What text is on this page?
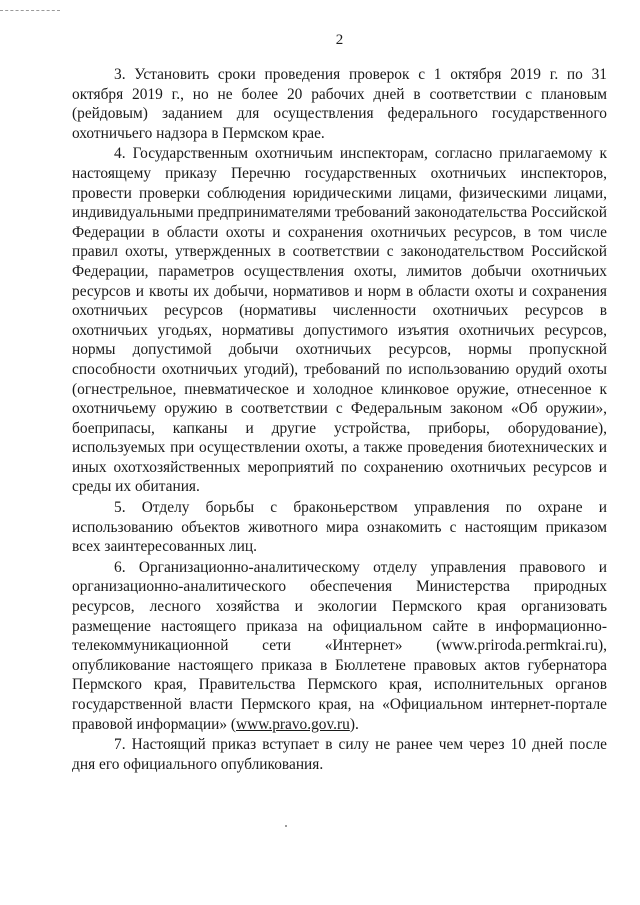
2

3. Установить сроки проведения проверок с 1 октября 2019 г. по 31 октября 2019 г., но не более 20 рабочих дней в соответствии с плановым (рейдовым) заданием для осуществления федерального государственного охотничьего надзора в Пермском крае.

4. Государственным охотничьим инспекторам, согласно прилагаемому к настоящему приказу Перечню государственных охотничьих инспекторов, провести проверки соблюдения юридическими лицами, физическими лицами, индивидуальными предпринимателями требований законодательства Российской Федерации в области охоты и сохранения охотничьих ресурсов, в том числе правил охоты, утвержденных в соответствии с законодательством Российской Федерации, параметров осуществления охоты, лимитов добычи охотничьих ресурсов и квоты их добычи, нормативов и норм в области охоты и сохранения охотничьих ресурсов (нормативы численности охотничьих ресурсов в охотничьих угодьях, нормативы допустимого изъятия охотничьих ресурсов, нормы допустимой добычи охотничьих ресурсов, нормы пропускной способности охотничьих угодий), требований по использованию орудий охоты (огнестрельное, пневматическое и холодное клинковое оружие, отнесенное к охотничьему оружию в соответствии с Федеральным законом «Об оружии», боеприпасы, капканы и другие устройства, приборы, оборудование), используемых при осуществлении охоты, а также проведения биотехнических и иных охотхозяйственных мероприятий по сохранению охотничьих ресурсов и среды их обитания.

5. Отделу борьбы с браконьерством управления по охране и использованию объектов животного мира ознакомить с настоящим приказом всех заинтересованных лиц.

6. Организационно-аналитическому отделу управления правового и организационно-аналитического обеспечения Министерства природных ресурсов, лесного хозяйства и экологии Пермского края организовать размещение настоящего приказа на официальном сайте в информационно-телекоммуникационной сети «Интернет» (www.priroda.permkrai.ru), опубликование настоящего приказа в Бюллетене правовых актов губернатора Пермского края, Правительства Пермского края, исполнительных органов государственной власти Пермского края, на «Официальном интернет-портале правовой информации» (www.pravo.gov.ru).

7. Настоящий приказ вступает в силу не ранее чем через 10 дней после дня его официального опубликования.
